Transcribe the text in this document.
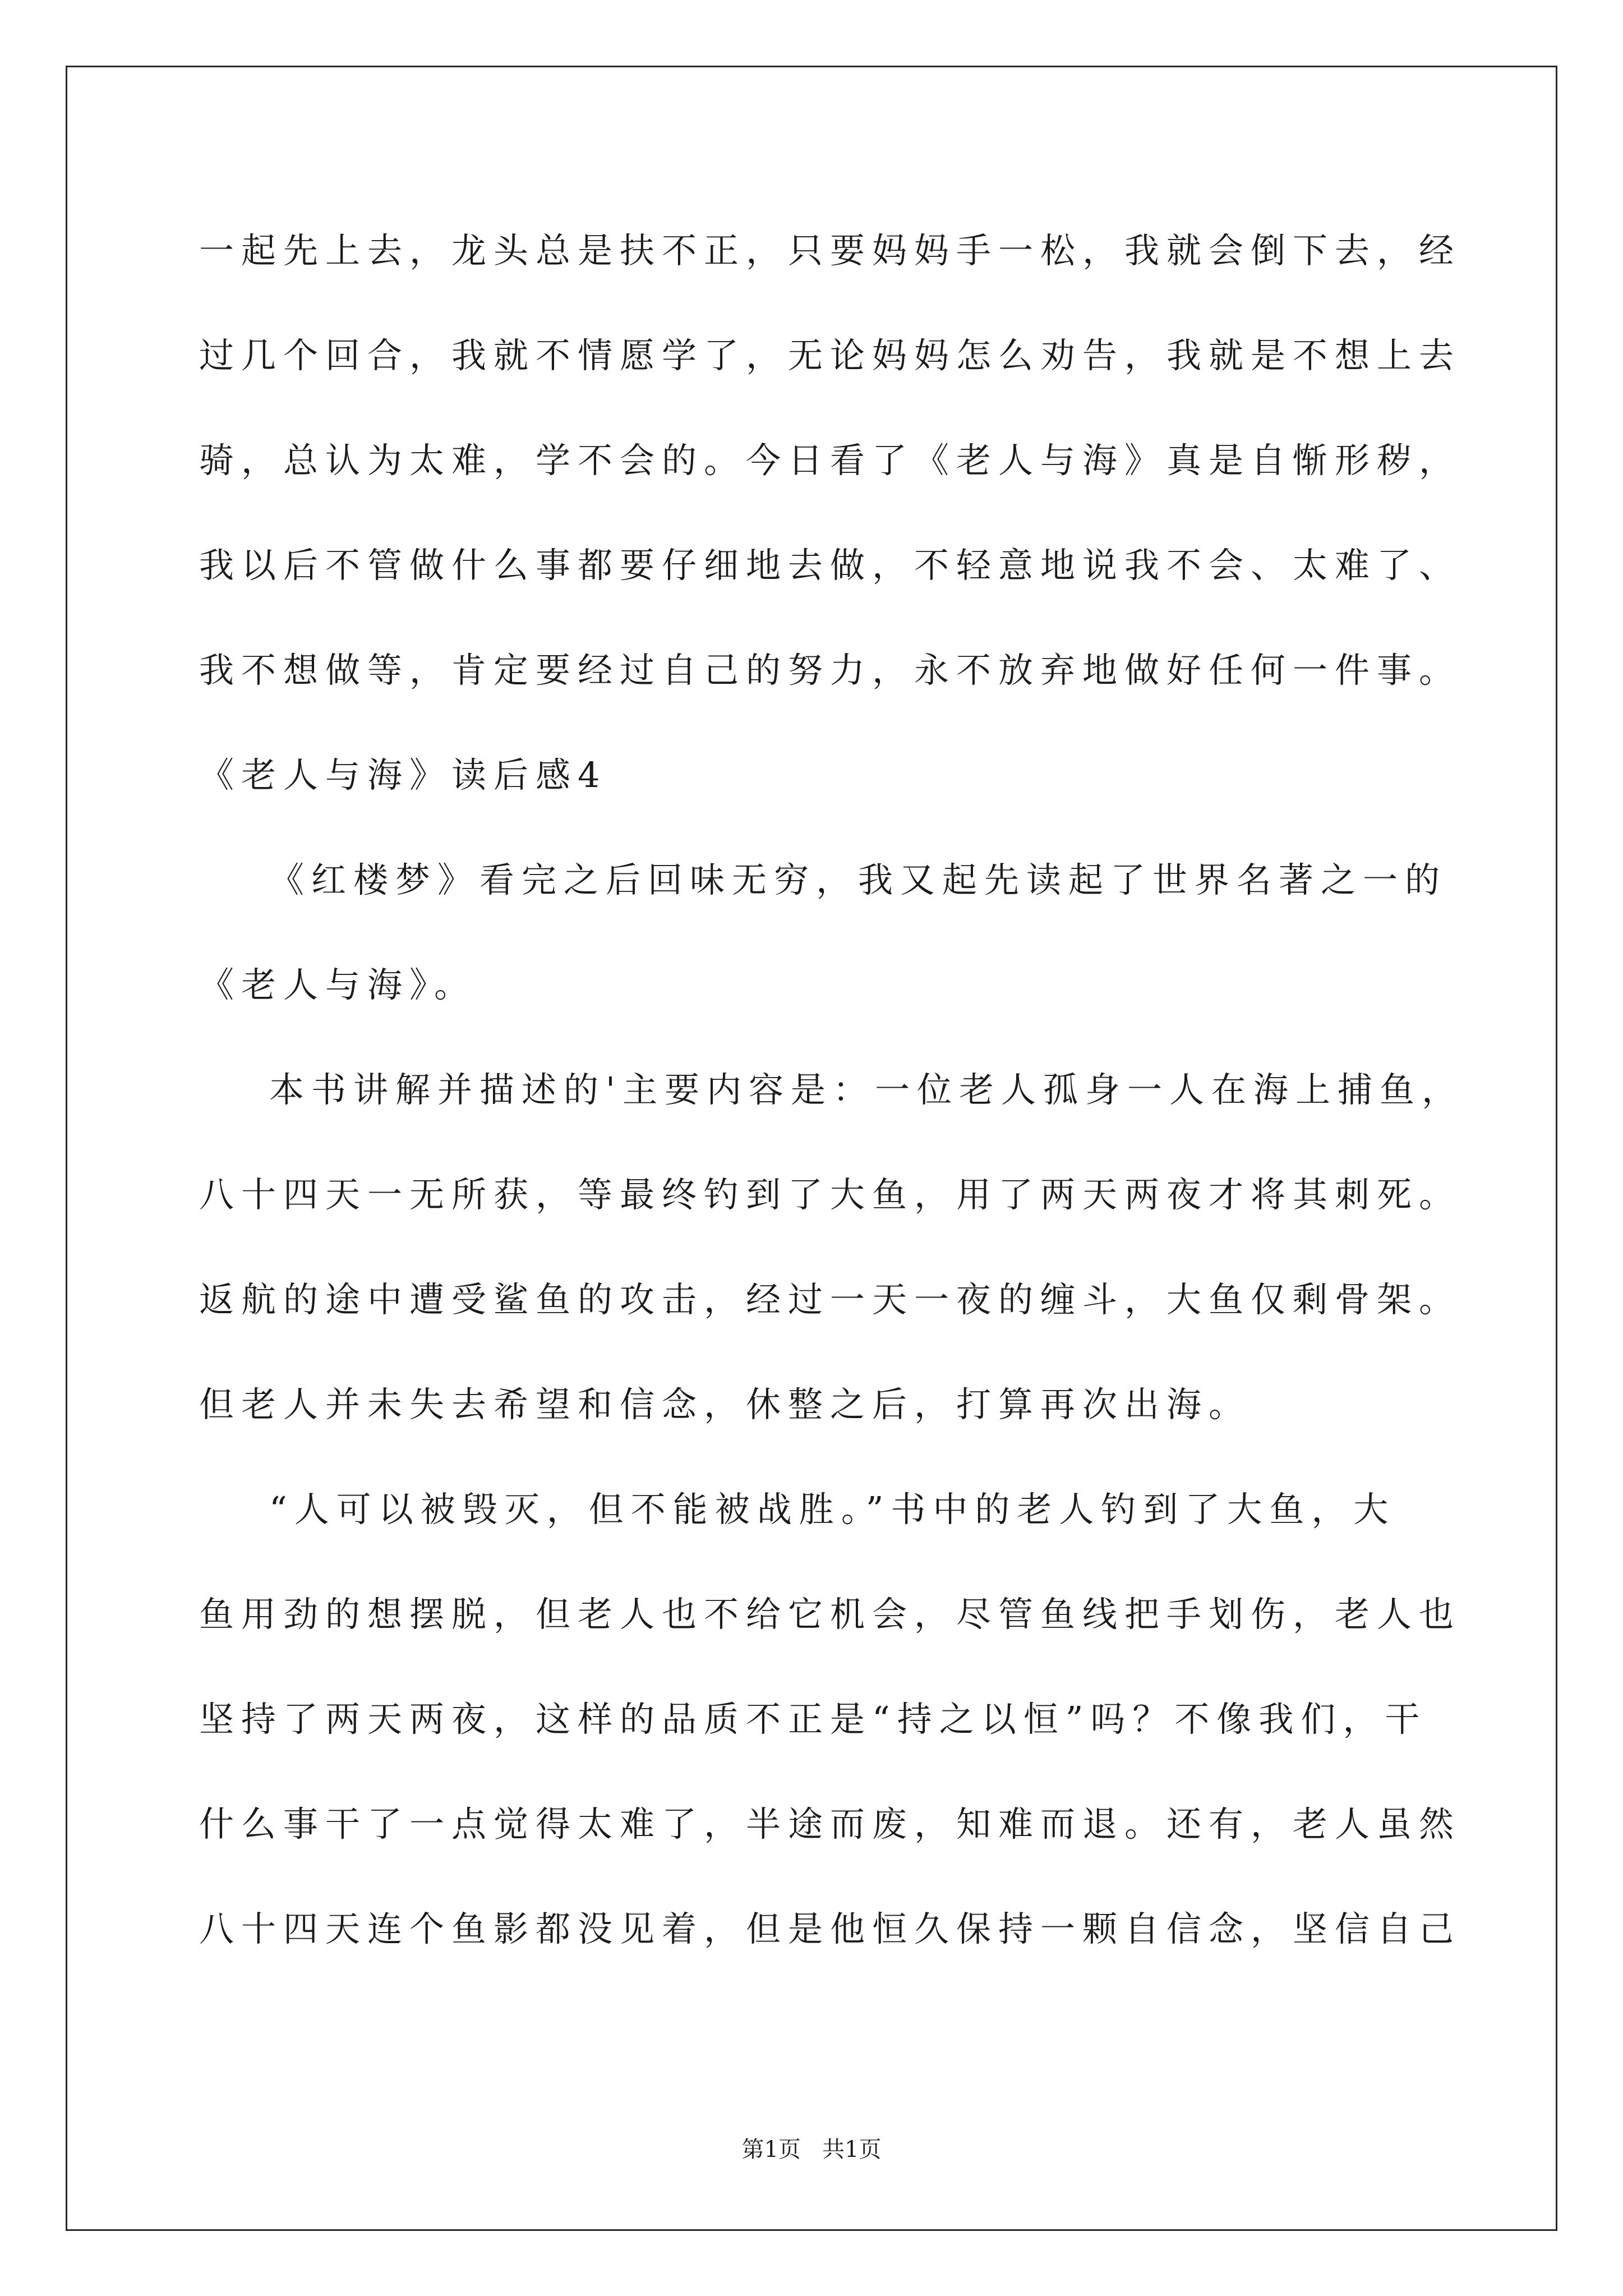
一起先上去，龙头总是扶不正，只要妈妈手一松，我就会倒下去，经
过几个回合，我就不情愿学了，无论妈妈怎么劝告，我就是不想上去
骑，总认为太难，学不会的。今日看了《老人与海》真是自惭形秽，
我以后不管做什么事都要仔细地去做，不轻意地说我不会、太难了、
我不想做等，肯定要经过自己的努力，永不放弃地做好任何一件事。
《老人与海》读后感4
《红楼梦》看完之后回味无穷，我又起先读起了世界名著之一的
《老人与海》。
本书讲解并描述的'主要内容是：一位老人孤身一人在海上捕鱼，
八十四天一无所获，等最终钓到了大鱼，用了两天两夜才将其刺死。
返航的途中遭受鲨鱼的攻击，经过一天一夜的缠斗，大鱼仅剩骨架。
但老人并未失去希望和信念，休整之后，打算再次出海。
“人可以被毁灭，但不能被战胜。”书中的老人钓到了大鱼，大
鱼用劲的想摆脱，但老人也不给它机会，尽管鱼线把手划伤，老人也
坚持了两天两夜，这样的品质不正是“持之以恒”吗？不像我们，干
什么事干了一点觉得太难了，半途而废，知难而退。还有，老人虽然
八十四天连个鱼影都没见着，但是他恒久保持一颗自信念，坚信自己
第1页   共1页
